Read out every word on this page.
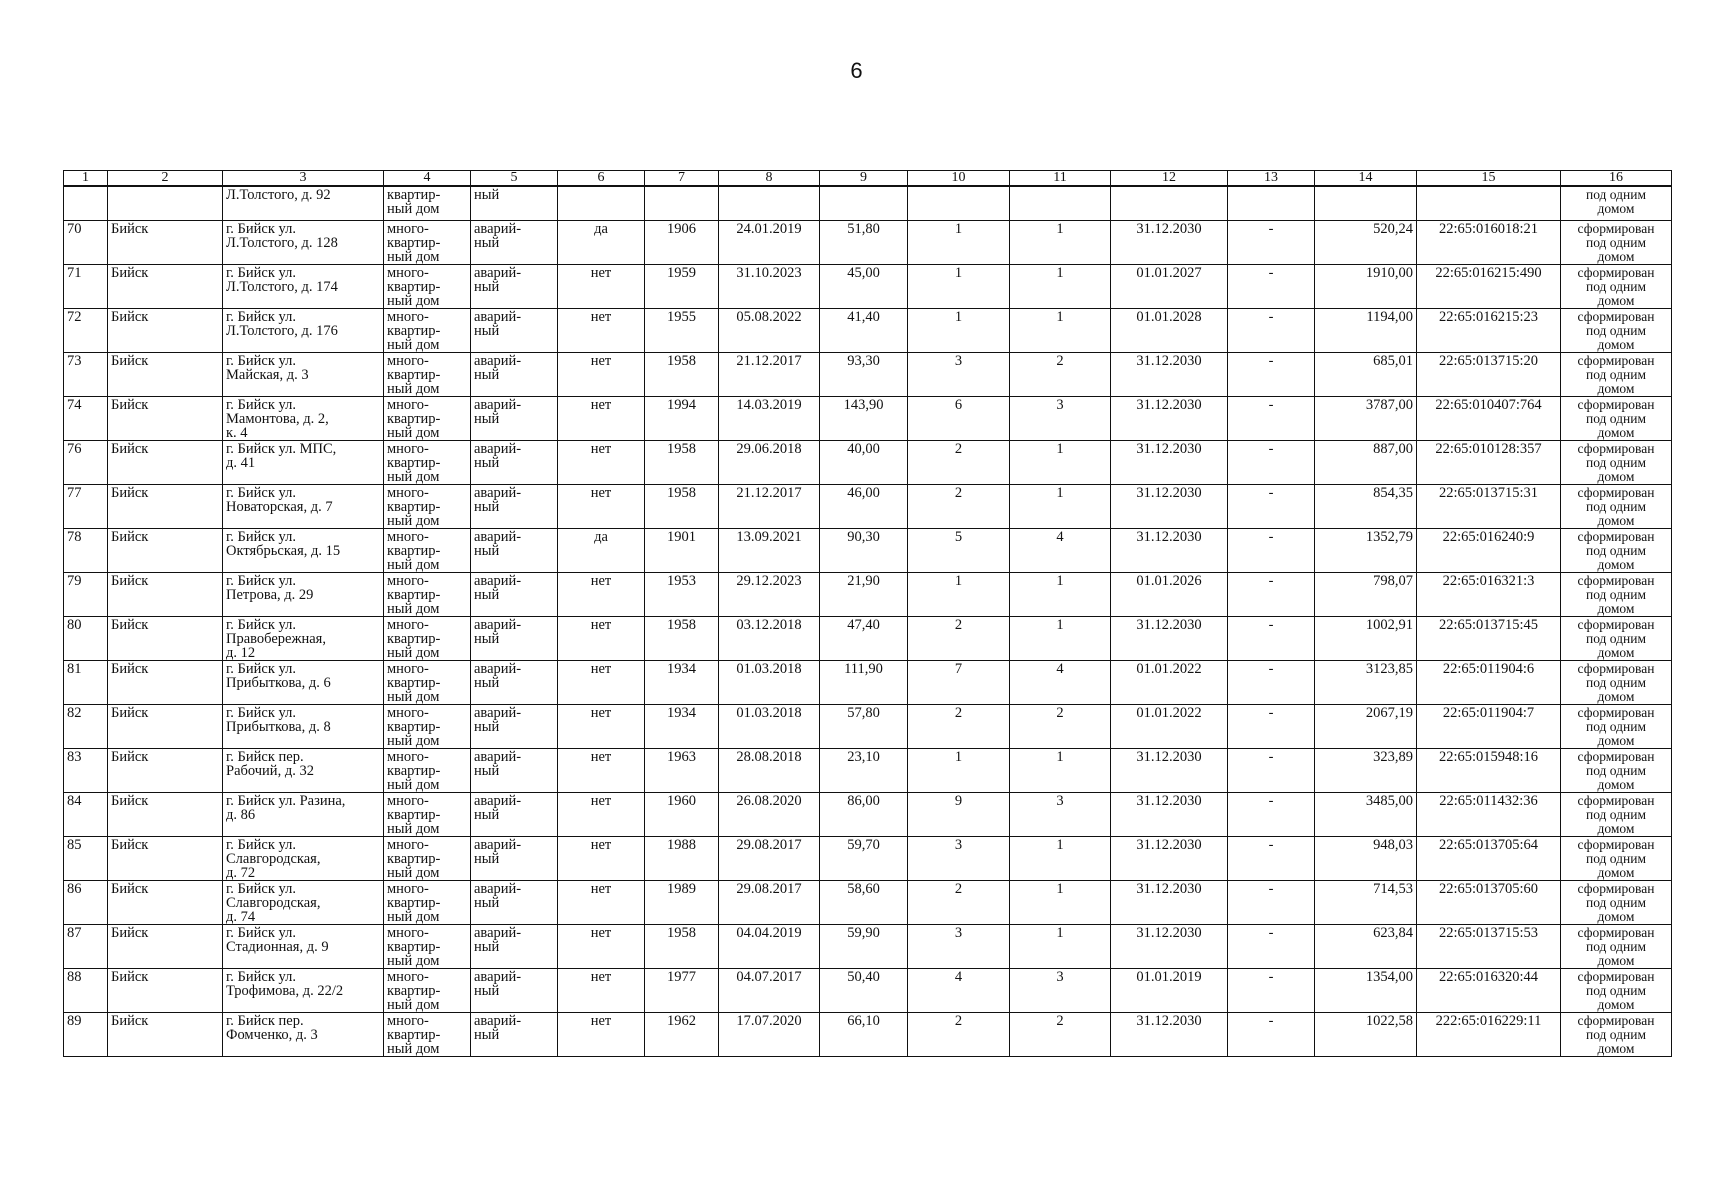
6
1	2	3	4	5	6	7	8	9	10	11	12	13	14	15	16
		Л.Толстого, д. 92	квартир-
ный дом	ный											под одним
домом
70	Бийск	г. Бийск ул.
Л.Толстого, д. 128	много-
квартир-
ный дом	аварий-
ный	да	1906	24.01.2019	51,80	1	1	31.12.2030	-	520,24	22:65:016018:21	сформирован
под одним
домом
71	Бийск	г. Бийск ул.
Л.Толстого, д. 174	много-
квартир-
ный дом	аварий-
ный	нет	1959	31.10.2023	45,00	1	1	01.01.2027	-	1910,00	22:65:016215:490	сформирован
под одним
домом
72	Бийск	г. Бийск ул.
Л.Толстого, д. 176	много-
квартир-
ный дом	аварий-
ный	нет	1955	05.08.2022	41,40	1	1	01.01.2028	-	1194,00	22:65:016215:23	сформирован
под одним
домом
73	Бийск	г. Бийск ул.
Майская, д. 3	много-
квартир-
ный дом	аварий-
ный	нет	1958	21.12.2017	93,30	3	2	31.12.2030	-	685,01	22:65:013715:20	сформирован
под одним
домом
74	Бийск	г. Бийск ул.
Мамонтова, д. 2,
к. 4	много-
квартир-
ный дом	аварий-
ный	нет	1994	14.03.2019	143,90	6	3	31.12.2030	-	3787,00	22:65:010407:764	сформирован
под одним
домом
76	Бийск	г. Бийск ул. МПС,
д. 41	много-
квартир-
ный дом	аварий-
ный	нет	1958	29.06.2018	40,00	2	1	31.12.2030	-	887,00	22:65:010128:357	сформирован
под одним
домом
77	Бийск	г. Бийск ул.
Новаторская, д. 7	много-
квартир-
ный дом	аварий-
ный	нет	1958	21.12.2017	46,00	2	1	31.12.2030	-	854,35	22:65:013715:31	сформирован
под одним
домом
78	Бийск	г. Бийск ул.
Октябрьская, д. 15	много-
квартир-
ный дом	аварий-
ный	да	1901	13.09.2021	90,30	5	4	31.12.2030	-	1352,79	22:65:016240:9	сформирован
под одним
домом
79	Бийск	г. Бийск ул.
Петрова, д. 29	много-
квартир-
ный дом	аварий-
ный	нет	1953	29.12.2023	21,90	1	1	01.01.2026	-	798,07	22:65:016321:3	сформирован
под одним
домом
80	Бийск	г. Бийск ул.
Правобережная,
д. 12	много-
квартир-
ный дом	аварий-
ный	нет	1958	03.12.2018	47,40	2	1	31.12.2030	-	1002,91	22:65:013715:45	сформирован
под одним
домом
81	Бийск	г. Бийск ул.
Прибыткова, д. 6	много-
квартир-
ный дом	аварий-
ный	нет	1934	01.03.2018	111,90	7	4	01.01.2022	-	3123,85	22:65:011904:6	сформирован
под одним
домом
82	Бийск	г. Бийск ул.
Прибыткова, д. 8	много-
квартир-
ный дом	аварий-
ный	нет	1934	01.03.2018	57,80	2	2	01.01.2022	-	2067,19	22:65:011904:7	сформирован
под одним
домом
83	Бийск	г. Бийск пер.
Рабочий, д. 32	много-
квартир-
ный дом	аварий-
ный	нет	1963	28.08.2018	23,10	1	1	31.12.2030	-	323,89	22:65:015948:16	сформирован
под одним
домом
84	Бийск	г. Бийск ул. Разина,
д. 86	много-
квартир-
ный дом	аварий-
ный	нет	1960	26.08.2020	86,00	9	3	31.12.2030	-	3485,00	22:65:011432:36	сформирован
под одним
домом
85	Бийск	г. Бийск ул.
Славгородская,
д. 72	много-
квартир-
ный дом	аварий-
ный	нет	1988	29.08.2017	59,70	3	1	31.12.2030	-	948,03	22:65:013705:64	сформирован
под одним
домом
86	Бийск	г. Бийск ул.
Славгородская,
д. 74	много-
квартир-
ный дом	аварий-
ный	нет	1989	29.08.2017	58,60	2	1	31.12.2030	-	714,53	22:65:013705:60	сформирован
под одним
домом
87	Бийск	г. Бийск ул.
Стадионная, д. 9	много-
квартир-
ный дом	аварий-
ный	нет	1958	04.04.2019	59,90	3	1	31.12.2030	-	623,84	22:65:013715:53	сформирован
под одним
домом
88	Бийск	г. Бийск ул.
Трофимова, д. 22/2	много-
квартир-
ный дом	аварий-
ный	нет	1977	04.07.2017	50,40	4	3	01.01.2019	-	1354,00	22:65:016320:44	сформирован
под одним
домом
89	Бийск	г. Бийск пер.
Фомченко, д. 3	много-
квартир-
ный дом	аварий-
ный	нет	1962	17.07.2020	66,10	2	2	31.12.2030	-	1022,58	222:65:016229:11	сформирован
под одним
домом
